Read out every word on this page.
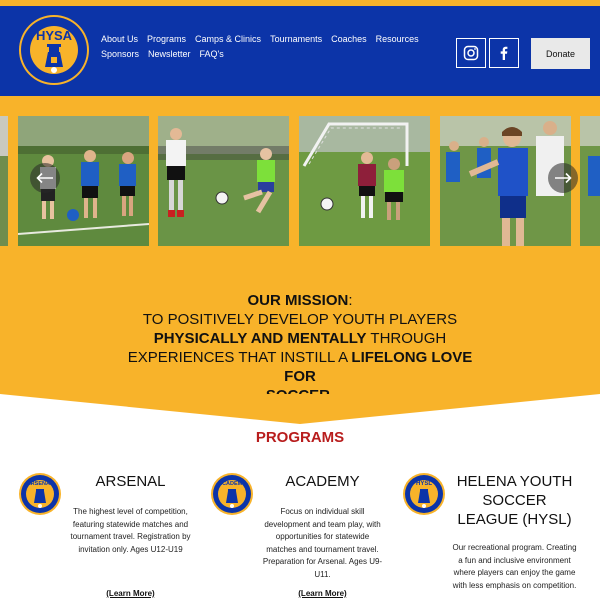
HYSA	About Us Programs Camps & Clinics Tournaments Coaches Resources
Sponsors Newsletter FAQ's	Donate

OUR MISSION:
TO POSITIVELY DEVELOP YOUTH PLAYERS
PHYSICALLY AND MENTALLY THROUGH
EXPERIENCES THAT INSTILL A LIFELONG LOVE FOR

PROGRAMS
ARSENAL	ARSENAL

The highest level of competition, featuring statewide matches and tournament travel. Registration by invitation only. Ages U12-U19

(Learn More)
ACADEMY	ACADEMY

Focus on individual skill development and team play, with opportunities for statewide matches and tournament travel. Preparation for Arsenal. Ages U9-U11.

(Learn More)
HYSL	HELENA YOUTH SOCCER LEAGUE (HYSL)

Our recreational program. Creating a fun and inclusive environment where players can enjoy the game with less emphasis on competition.
